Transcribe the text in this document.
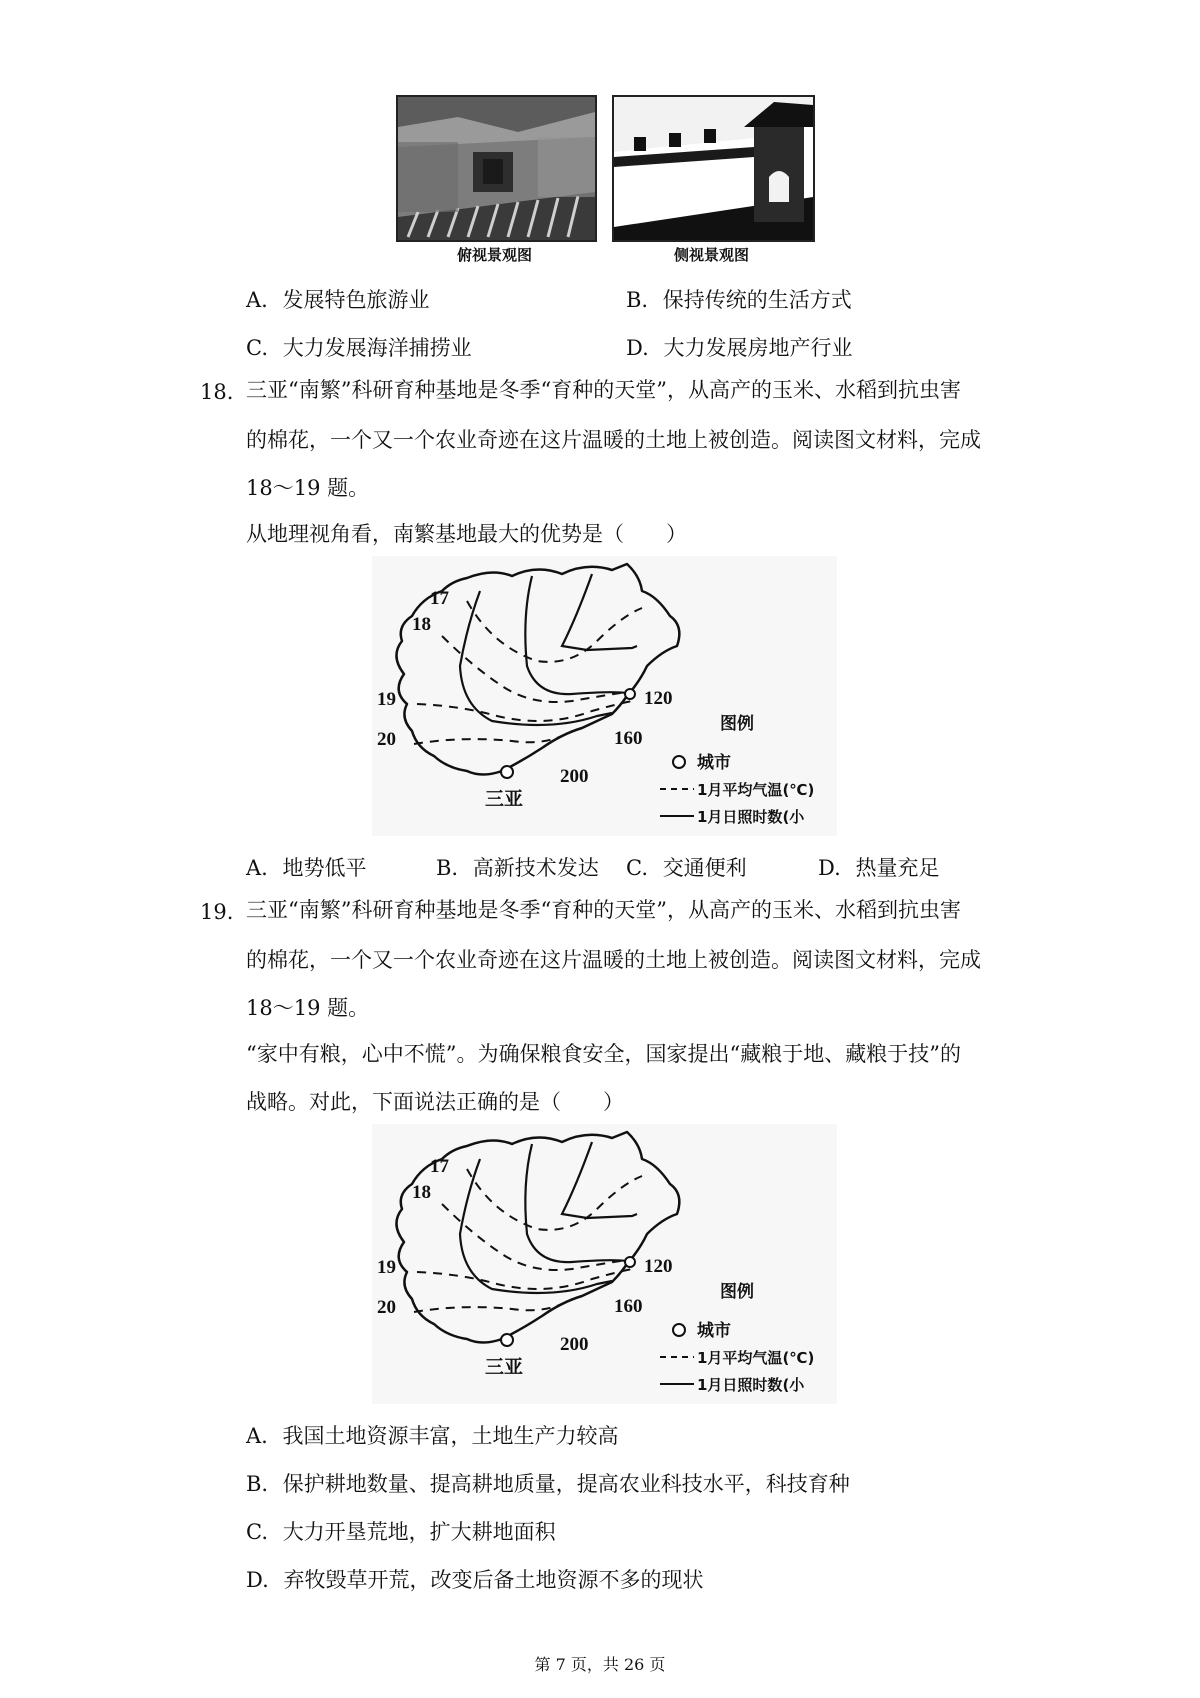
俯视景观图	侧视景观图
A. 发展特色旅游业	B. 保持传统的生活方式
C. 大力发展海洋捕捞业	D. 大力发展房地产行业
18. 三亚“南繁”科研育种基地是冬季“育种的天堂”，从高产的玉米、水稻到抗虫害
的棉花，一个又一个农业奇迹在这片温暖的土地上被创造。阅读图文材料，完成
18～19 题。
从地理视角看，南繁基地最大的优势是（　　）
17
18
19
20
120
160
200
三亚
图例
城市
1月平均气温(℃)
1月日照时数(小
A. 地势低平	B. 高新技术发达 C. 交通便利	D. 热量充足
19. 三亚“南繁”科研育种基地是冬季“育种的天堂”，从高产的玉米、水稻到抗虫害
的棉花，一个又一个农业奇迹在这片温暖的土地上被创造。阅读图文材料，完成
18～19 题。
“家中有粮，心中不慌”。为确保粮食安全，国家提出“藏粮于地、藏粮于技”的
战略。对此，下面说法正确的是（　　）
17
18
19
20
120
160
200
三亚
图例
城市
1月平均气温(℃)
1月日照时数(小
A. 我国土地资源丰富，土地生产力较高
B. 保护耕地数量、提高耕地质量，提高农业科技水平，科技育种
C. 大力开垦荒地，扩大耕地面积
D. 弃牧毁草开荒，改变后备土地资源不多的现状
第 7 页，共 26 页
